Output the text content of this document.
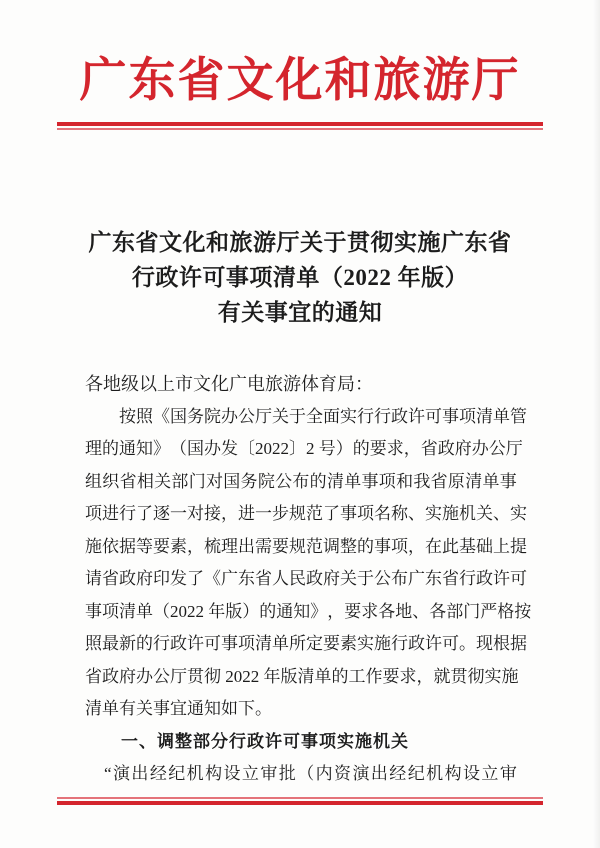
广东省文化和旅游厅
广东省文化和旅游厅关于贯彻实施广东省
行政许可事项清单（2022 年版）
有关事宜的通知
各地级以上市文化广电旅游体育局：
按 照 《 国 务 院 办 公 厅 关 于 全 面 实 行 行 政 许 可 事 项 清 单 管
理 的 通 知 》 （ 国 办 发 〔 2022 〕 2 号 ） 的 要 求 ， 省 政 府 办 公 厅
组 织 省 相 关 部 门 对 国 务 院 公 布 的 清 单 事 项 和 我 省 原 清 单 事
项 进 行 了 逐 一 对 接 ， 进 一 步 规 范 了 事 项 名 称 、 实 施 机 关 、 实
施 依 据 等 要 素 ， 梳 理 出 需 要 规 范 调 整 的 事 项 ， 在 此 基 础 上 提
请 省 政 府 印 发 了 《 广 东 省 人 民 政 府 关 于 公 布 广 东 省 行 政 许 可
事 项 清 单 （ 2022 年 版 ） 的 通 知 》 ， 要 求 各 地 、 各 部 门 严 格 按
照 最 新 的 行 政 许 可 事 项 清 单 所 定 要 素 实 施 行 政 许 可 。 现 根 据
省 政 府 办 公 厅 贯 彻 2022 年 版 清 单 的 工 作 要 求 ， 就 贯 彻 实 施
清单有关事宜通知如下。
一、调整部分行政许可事项实施机关
“ 演 出 经 纪 机 构 设 立 审 批 （ 内 资 演 出 经 纪 机 构 设 立 审
